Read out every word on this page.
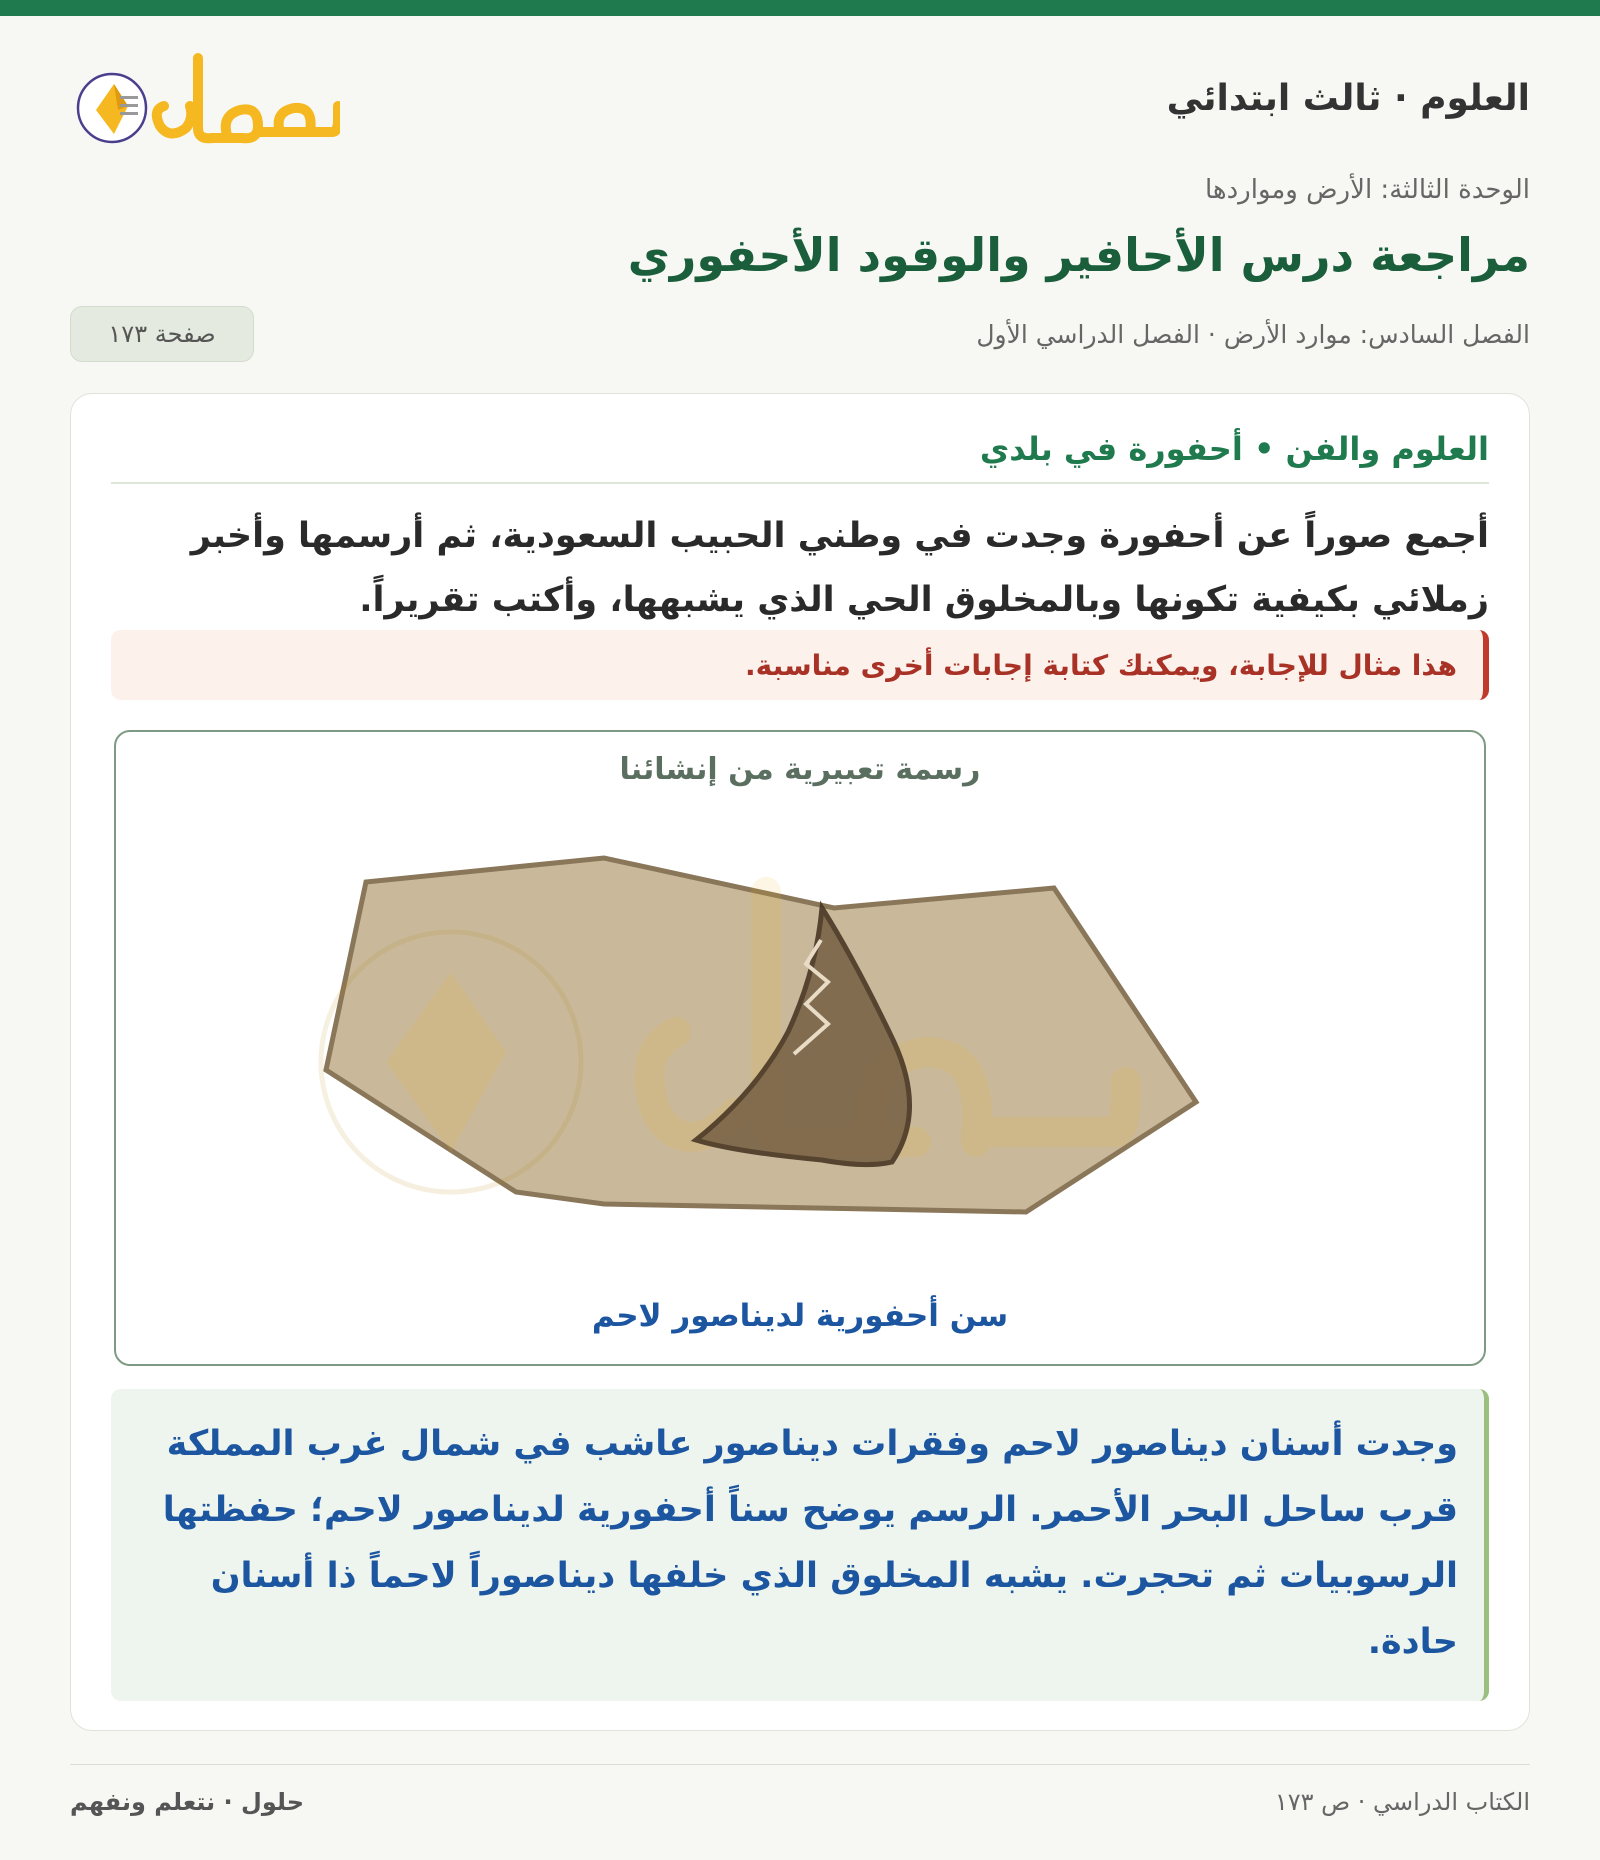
العلوم · ثالث ابتدائي
الوحدة الثالثة: الأرض ومواردها
مراجعة درس الأحافير والوقود الأحفوري
الفصل السادس: موارد الأرض · الفصل الدراسي الأول
صفحة ١٧٣
العلوم والفن • أحفورة في بلدي
أجمع صوراً عن أحفورة وجدت في وطني الحبيب السعودية، ثم أرسمها وأخبر زملائي بكيفية تكونها وبالمخلوق الحي الذي يشبهها، وأكتب تقريراً.
هذا مثال للإجابة، ويمكنك كتابة إجابات أخرى مناسبة.
رسمة تعبيرية من إنشائنا
سن أحفورية لديناصور لاحم
وجدت أسنان ديناصور لاحم وفقرات ديناصور عاشب في شمال غرب المملكة قرب ساحل البحر الأحمر. الرسم يوضح سناً أحفورية لديناصور لاحم؛ حفظتها الرسوبيات ثم تحجرت. يشبه المخلوق الذي خلفها ديناصوراً لاحماً ذا أسنان حادة.
الكتاب الدراسي · ص ١٧٣
حلول · نتعلم ونفهم
